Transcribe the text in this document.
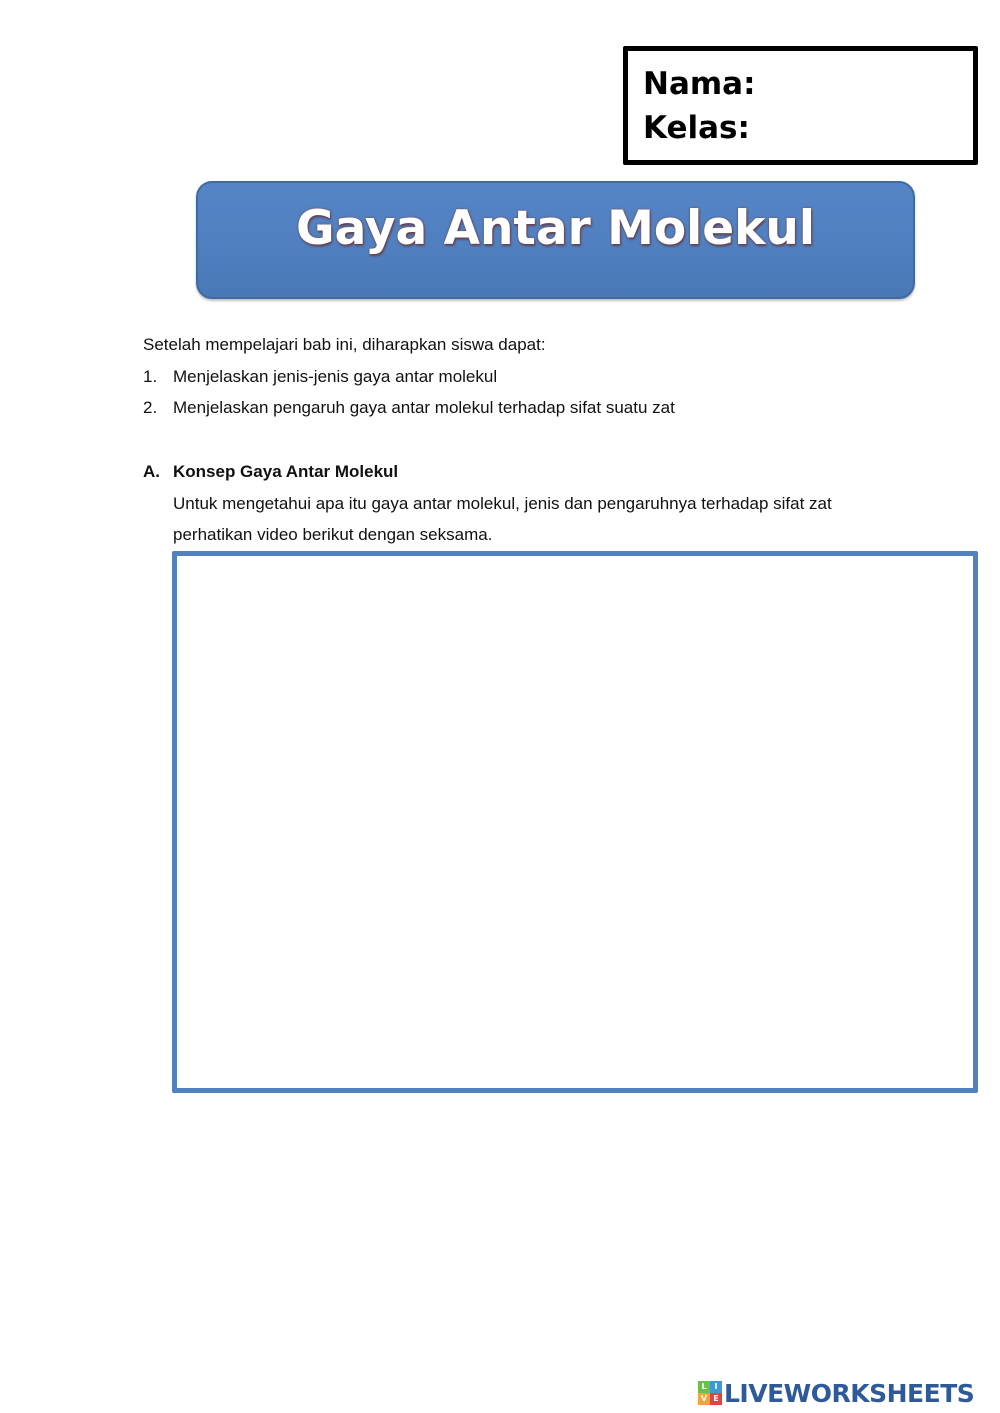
Nama:
Kelas:
Gaya Antar Molekul
Setelah mempelajari bab ini, diharapkan siswa dapat:
1. Menjelaskan jenis-jenis gaya antar molekul
2. Menjelaskan pengaruh gaya antar molekul terhadap sifat suatu zat
A. Konsep Gaya Antar Molekul
Untuk mengetahui apa itu gaya antar molekul, jenis dan pengaruhnya terhadap sifat zat
perhatikan video berikut dengan seksama.
L I
V E LIVEWORKSHEETS
